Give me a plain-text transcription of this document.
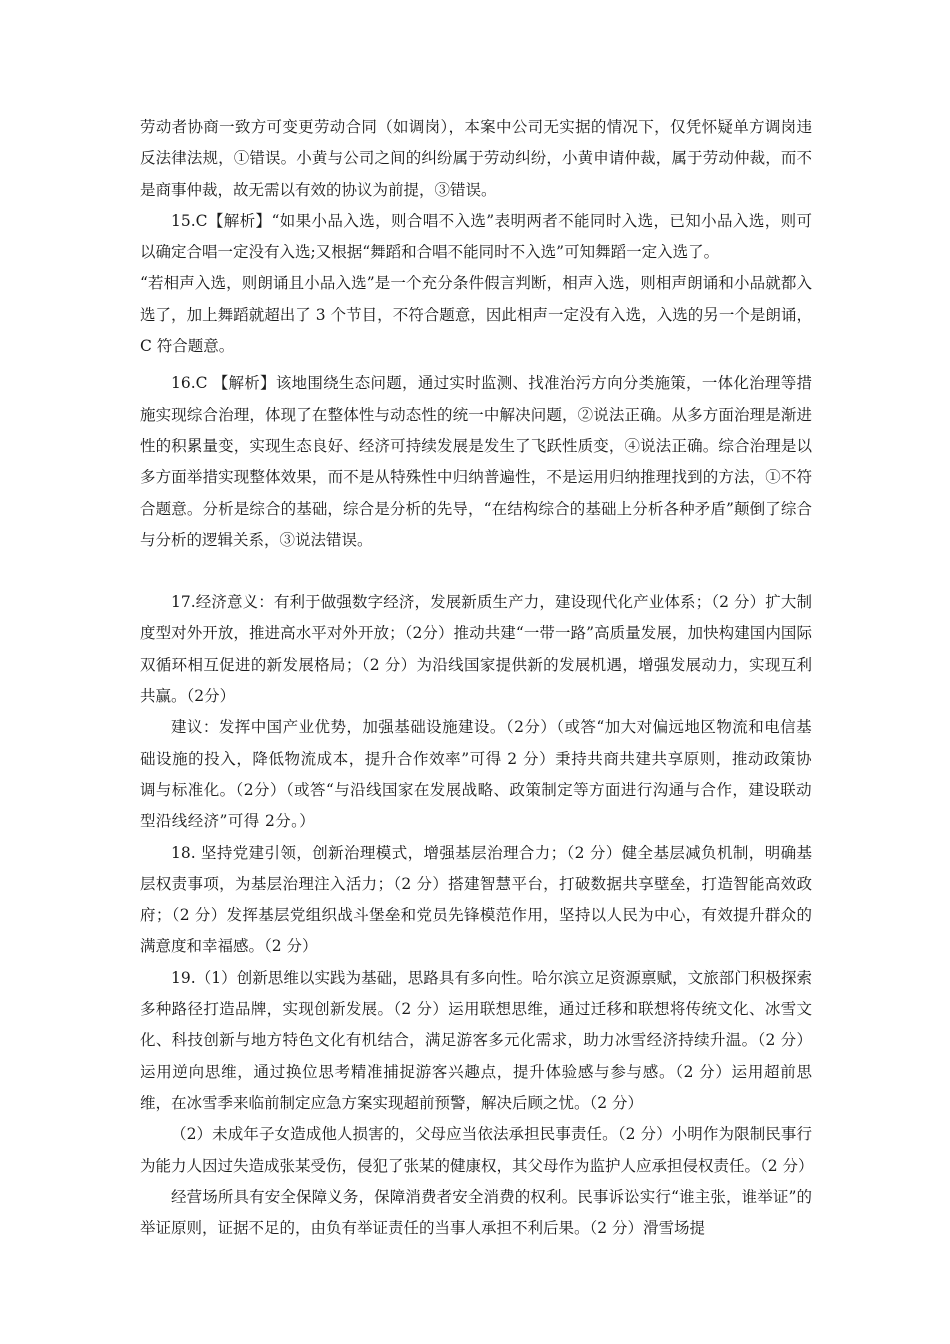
劳动者协商一致方可变更劳动合同（如调岗），本案中公司无实据的情况下，仅凭怀疑单方调岗违反法律法规，①错误。小黄与公司之间的纠纷属于劳动纠纷，小黄申请仲裁，属于劳动仲裁，而不是商事仲裁，故无需以有效的协议为前提，③错误。

15.C【解析】“如果小品入选，则合唱不入选”表明两者不能同时入选，已知小品入选，则可以确定合唱一定没有入选;又根据“舞蹈和合唱不能同时不入选”可知舞蹈一定入选了。

“若相声入选，则朗诵且小品入选”是一个充分条件假言判断，相声入选，则相声朗诵和小品就都入选了，加上舞蹈就超出了 3 个节目，不符合题意，因此相声一定没有入选，入选的另一个是朗诵，C 符合题意。

16.C 【解析】该地围绕生态问题，通过实时监测、找准治污方向分类施策，一体化治理等措施实现综合治理，体现了在整体性与动态性的统一中解决问题，②说法正确。从多方面治理是渐进性的积累量变，实现生态良好、经济可持续发展是发生了飞跃性质变，④说法正确。综合治理是以多方面举措实现整体效果，而不是从特殊性中归纳普遍性，不是运用归纳推理找到的方法，①不符合题意。分析是综合的基础，综合是分析的先导，“在结构综合的基础上分析各种矛盾”颠倒了综合与分析的逻辑关系，③说法错误。

17.经济意义：有利于做强数字经济，发展新质生产力，建设现代化产业体系；（2 分）扩大制度型对外开放，推进高水平对外开放；（2分）推动共建“一带一路”高质量发展，加快构建国内国际双循环相互促进的新发展格局；（2 分）为沿线国家提供新的发展机遇，增强发展动力，实现互利共赢。（2分）

建议：发挥中国产业优势，加强基础设施建设。（2分）（或答“加大对偏远地区物流和电信基础设施的投入，降低物流成本，提升合作效率”可得 2 分）秉持共商共建共享原则，推动政策协调与标准化。（2分）（或答“与沿线国家在发展战略、政策制定等方面进行沟通与合作，建设联动型沿线经济”可得 2分。）

18. 坚持党建引领，创新治理模式，增强基层治理合力；（2 分）健全基层减负机制，明确基层权责事项，为基层治理注入活力；（2 分）搭建智慧平台，打破数据共享壁垒，打造智能高效政府；（2 分）发挥基层党组织战斗堡垒和党员先锋模范作用，坚持以人民为中心，有效提升群众的满意度和幸福感。（2 分）

19.（1）创新思维以实践为基础，思路具有多向性。哈尔滨立足资源禀赋，文旅部门积极探索多种路径打造品牌，实现创新发展。（2 分）运用联想思维，通过迁移和联想将传统文化、冰雪文化、科技创新与地方特色文化有机结合，满足游客多元化需求，助力冰雪经济持续升温。（2 分）运用逆向思维，通过换位思考精准捕捉游客兴趣点，提升体验感与参与感。（2 分）运用超前思维，在冰雪季来临前制定应急方案实现超前预警，解决后顾之忧。（2 分）

（2）未成年子女造成他人损害的，父母应当依法承担民事责任。（2 分）小明作为限制民事行为能力人因过失造成张某受伤，侵犯了张某的健康权，其父母作为监护人应承担侵权责任。（2 分）

经营场所具有安全保障义务，保障消费者安全消费的权利。民事诉讼实行“谁主张，谁举证”的举证原则，证据不足的，由负有举证责任的当事人承担不利后果。（2 分）滑雪场提
